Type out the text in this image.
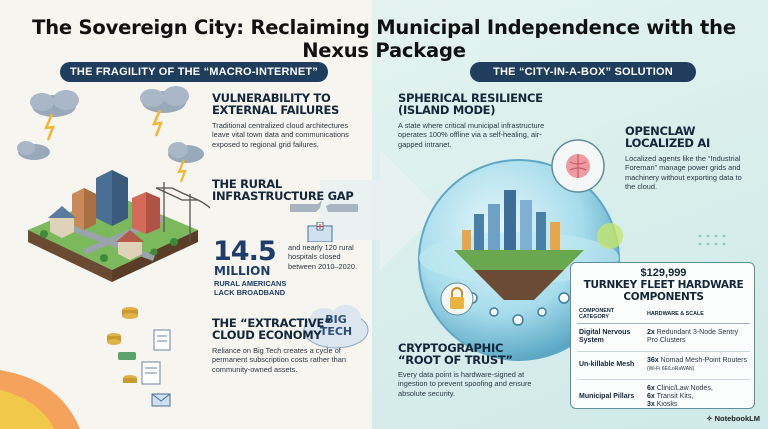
The Sovereign City: Reclaiming Municipal Independence with the Nexus Package
THE FRAGILITY OF THE “MACRO-INTERNET”	THE “CITY-IN-A-BOX” SOLUTION
BIG
TECH
VULNERABILITY TO EXTERNAL FAILURES
Traditional centralized cloud architectures leave vital town data and communications exposed to regional grid failures.
THE RURAL INFRASTRUCTURE GAP
14.5
MILLION
RURAL AMERICANS LACK BROADBAND
and nearly 120 rural hospitals closed between 2010–2020.
THE “EXTRACTIVE” CLOUD ECONOMY
Reliance on Big Tech creates a cycle of permanent subscription costs rather than community-owned assets.
SPHERICAL RESILIENCE (ISLAND MODE)
A state where critical municipal infrastructure operates 100% offline via a self-healing, air-gapped intranet.
OPENCLAW LOCALIZED AI
Localized agents like the “Industrial Foreman” manage power grids and machinery without exporting data to the cloud.
CRYPTOGRAPHIC “ROOT OF TRUST”
Every data point is hardware-signed at ingestion to prevent spoofing and ensure absolute security.
$129,999
TURNKEY FLEET HARDWARE COMPONENTS
COMPONENT CATEGORY	HARDWARE & SCALE
Digital Nervous System	2x Redundant 3-Node Sentry Pro Clusters
Un-killable Mesh	36x Nomad Mesh-Point Routers (Wi-Fi 6E/LoRaWAN)
Municipal Pillars	6x Clinic/Law Nodes,
6x Transit Kits,
3x Kiosks
✧ NotebookLM
